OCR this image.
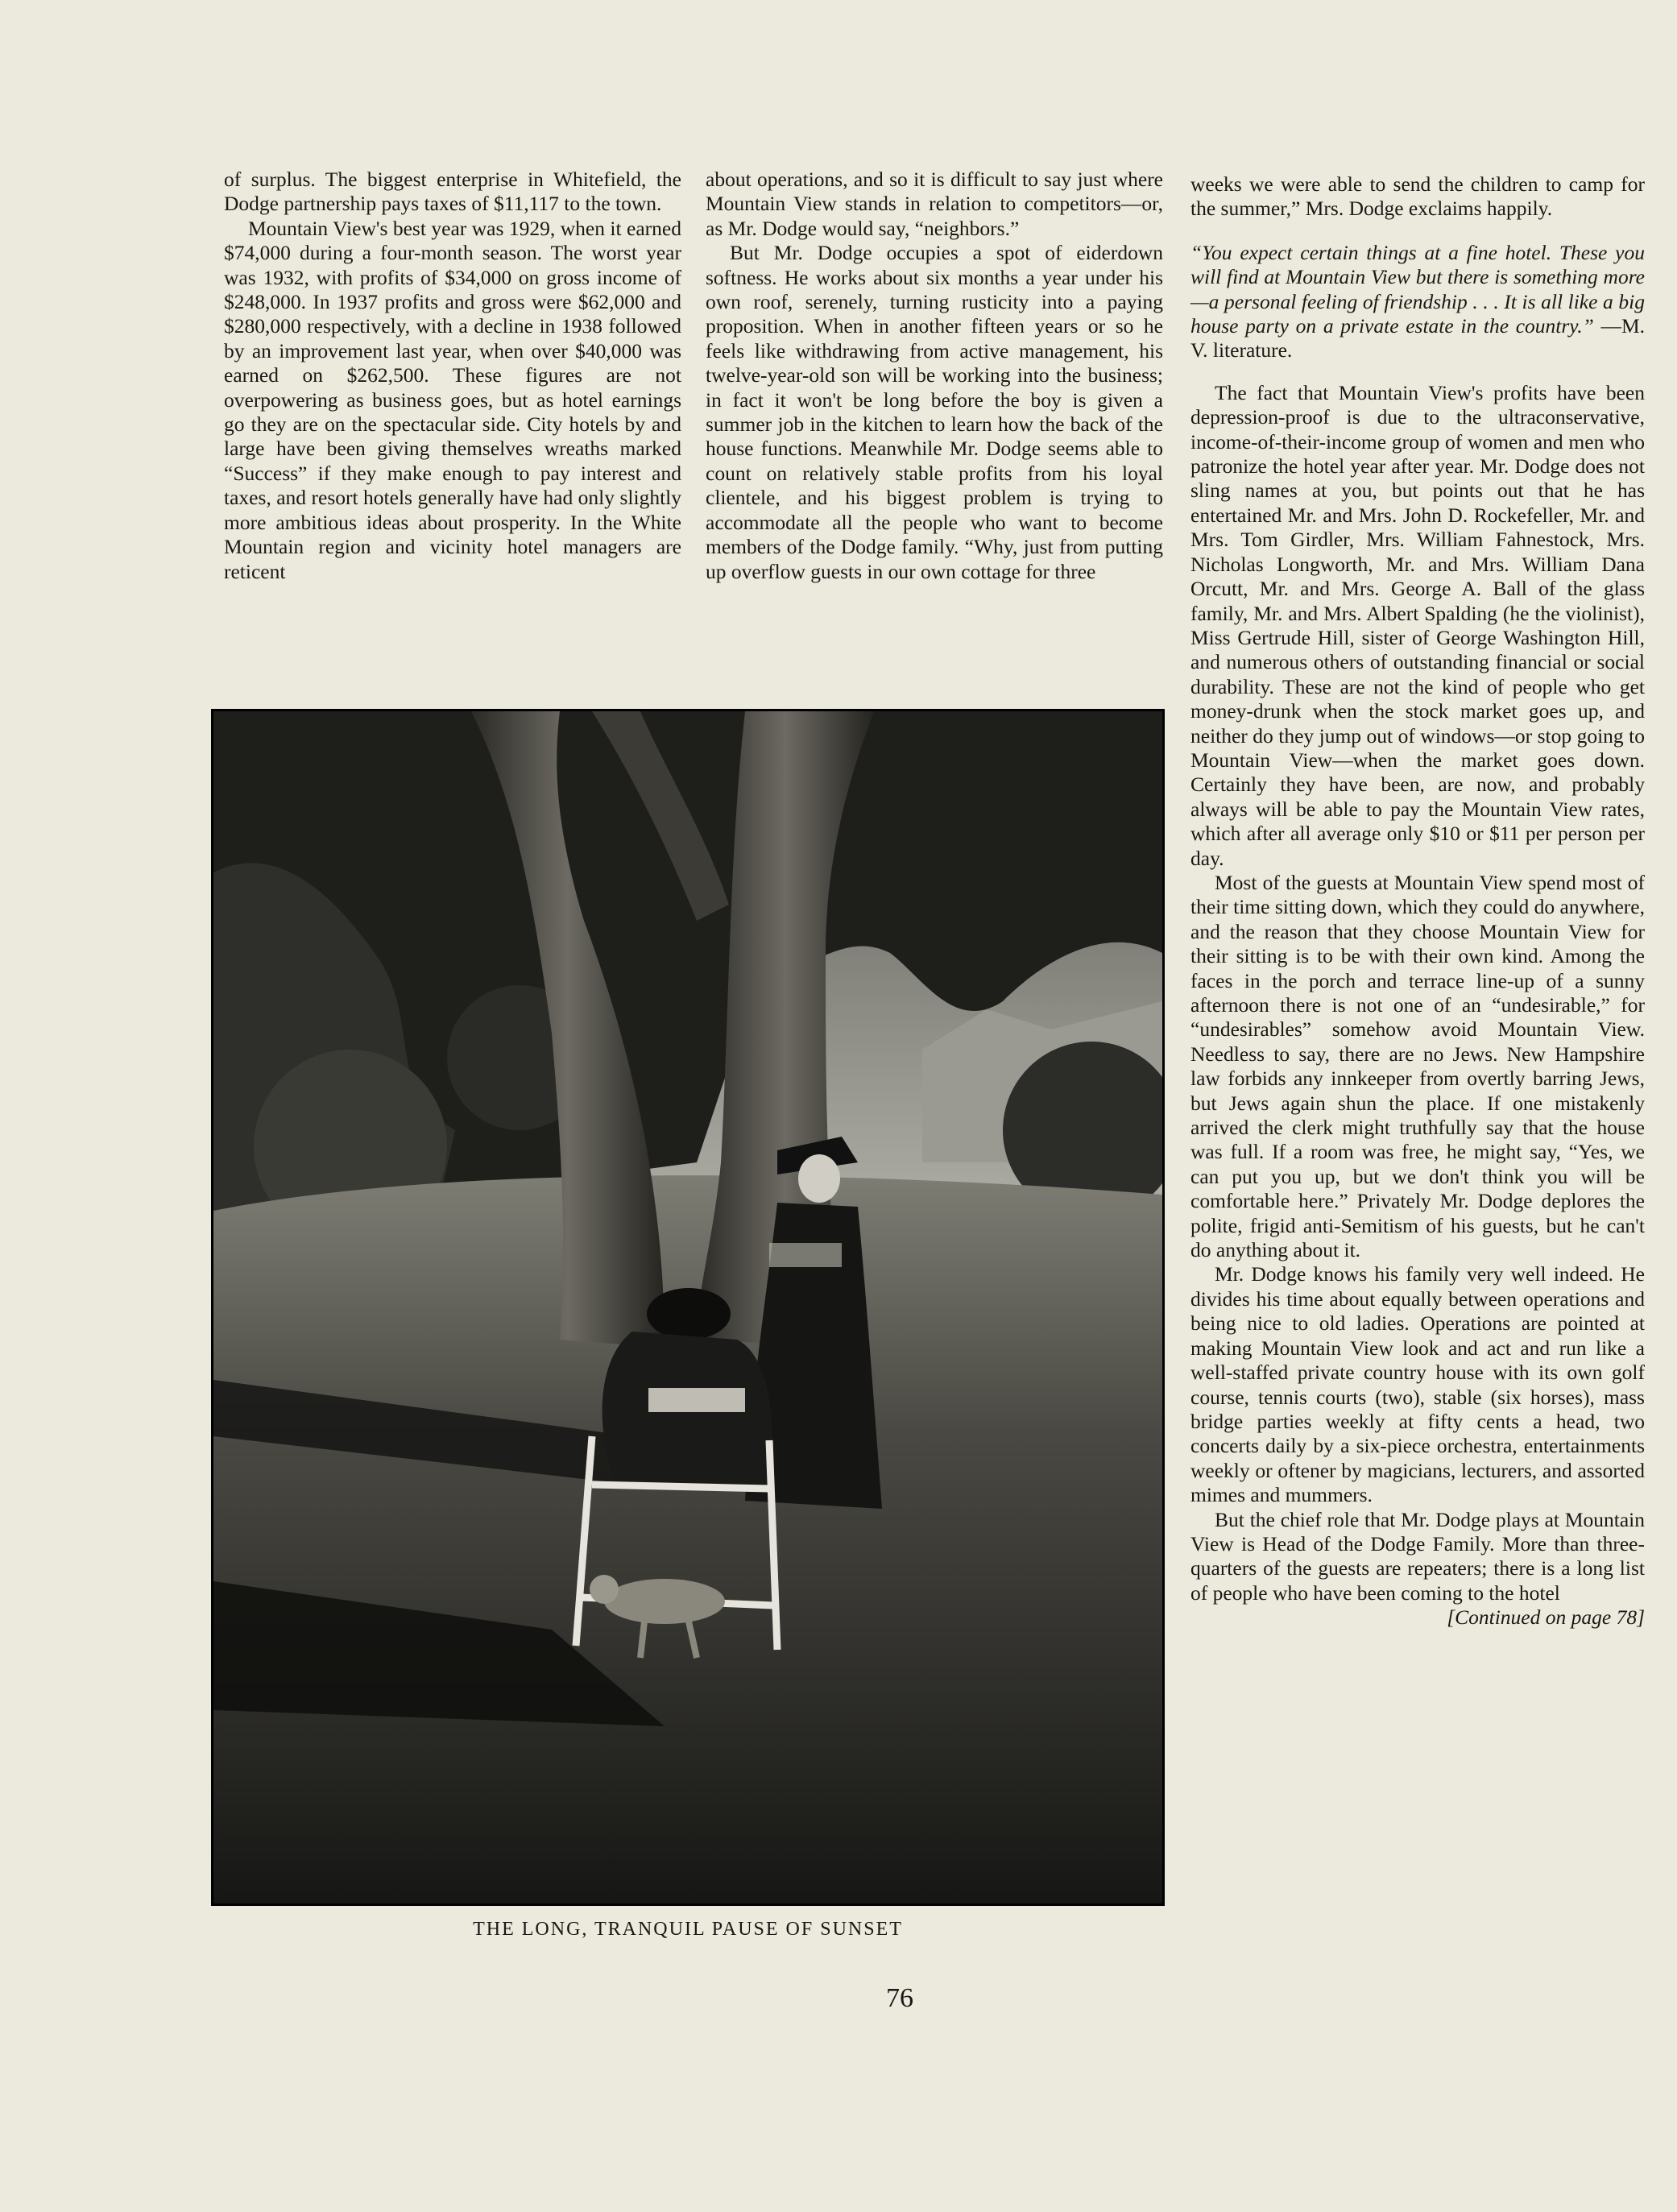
of surplus. The biggest enterprise in Whitefield, the Dodge partnership pays taxes of $11,117 to the town.

Mountain View's best year was 1929, when it earned $74,000 during a four-month season. The worst year was 1932, with profits of $34,000 on gross income of $248,000. In 1937 profits and gross were $62,000 and $280,000 respectively, with a decline in 1938 followed by an improvement last year, when over $40,000 was earned on $262,500. These figures are not overpowering as business goes, but as hotel earnings go they are on the spectacular side. City hotels by and large have been giving themselves wreaths marked “Success” if they make enough to pay interest and taxes, and resort hotels generally have had only slightly more ambitious ideas about prosperity. In the White Mountain region and vicinity hotel managers are reticent

about operations, and so it is difficult to say just where Mountain View stands in relation to competitors—or, as Mr. Dodge would say, “neighbors.”

But Mr. Dodge occupies a spot of eiderdown softness. He works about six months a year under his own roof, serenely, turning rusticity into a paying proposition. When in another fifteen years or so he feels like withdrawing from active management, his twelve-year-old son will be working into the business; in fact it won't be long before the boy is given a summer job in the kitchen to learn how the back of the house functions. Meanwhile Mr. Dodge seems able to count on relatively stable profits from his loyal clientele, and his biggest problem is trying to accommodate all the people who want to become members of the Dodge family. “Why, just from putting up overflow guests in our own cottage for three

weeks we were able to send the children to camp for the summer,” Mrs. Dodge exclaims happily.

“You expect certain things at a fine hotel. These you will find at Mountain View but there is something more—a personal feeling of friendship . . . It is all like a big house party on a private estate in the country.” —M. V. literature.

The fact that Mountain View's profits have been depression-proof is due to the ultraconservative, income-of-their-income group of women and men who patronize the hotel year after year. Mr. Dodge does not sling names at you, but points out that he has entertained Mr. and Mrs. John D. Rockefeller, Mr. and Mrs. Tom Girdler, Mrs. William Fahnestock, Mrs. Nicholas Longworth, Mr. and Mrs. William Dana Orcutt, Mr. and Mrs. George A. Ball of the glass family, Mr. and Mrs. Albert Spalding (he the violinist), Miss Gertrude Hill, sister of George Washington Hill, and numerous others of outstanding financial or social durability. These are not the kind of people who get money-drunk when the stock market goes up, and neither do they jump out of windows—or stop going to Mountain View—when the market goes down. Certainly they have been, are now, and probably always will be able to pay the Mountain View rates, which after all average only $10 or $11 per person per day.

Most of the guests at Mountain View spend most of their time sitting down, which they could do anywhere, and the reason that they choose Mountain View for their sitting is to be with their own kind. Among the faces in the porch and terrace line-up of a sunny afternoon there is not one of an “undesirable,” for “undesirables” somehow avoid Mountain View. Needless to say, there are no Jews. New Hampshire law forbids any innkeeper from overtly barring Jews, but Jews again shun the place. If one mistakenly arrived the clerk might truthfully say that the house was full. If a room was free, he might say, “Yes, we can put you up, but we don't think you will be comfortable here.” Privately Mr. Dodge deplores the polite, frigid anti-Semitism of his guests, but he can't do anything about it.

Mr. Dodge knows his family very well indeed. He divides his time about equally between operations and being nice to old ladies. Operations are pointed at making Mountain View look and act and run like a well-staffed private country house with its own golf course, tennis courts (two), stable (six horses), mass bridge parties weekly at fifty cents a head, two concerts daily by a six-piece orchestra, entertainments weekly or oftener by magicians, lecturers, and assorted mimes and mummers.

But the chief role that Mr. Dodge plays at Mountain View is Head of the Dodge Family. More than three-quarters of the guests are repeaters; there is a long list of people who have been coming to the hotel

[Continued on page 78]
THE LONG, TRANQUIL PAUSE OF SUNSET
76
